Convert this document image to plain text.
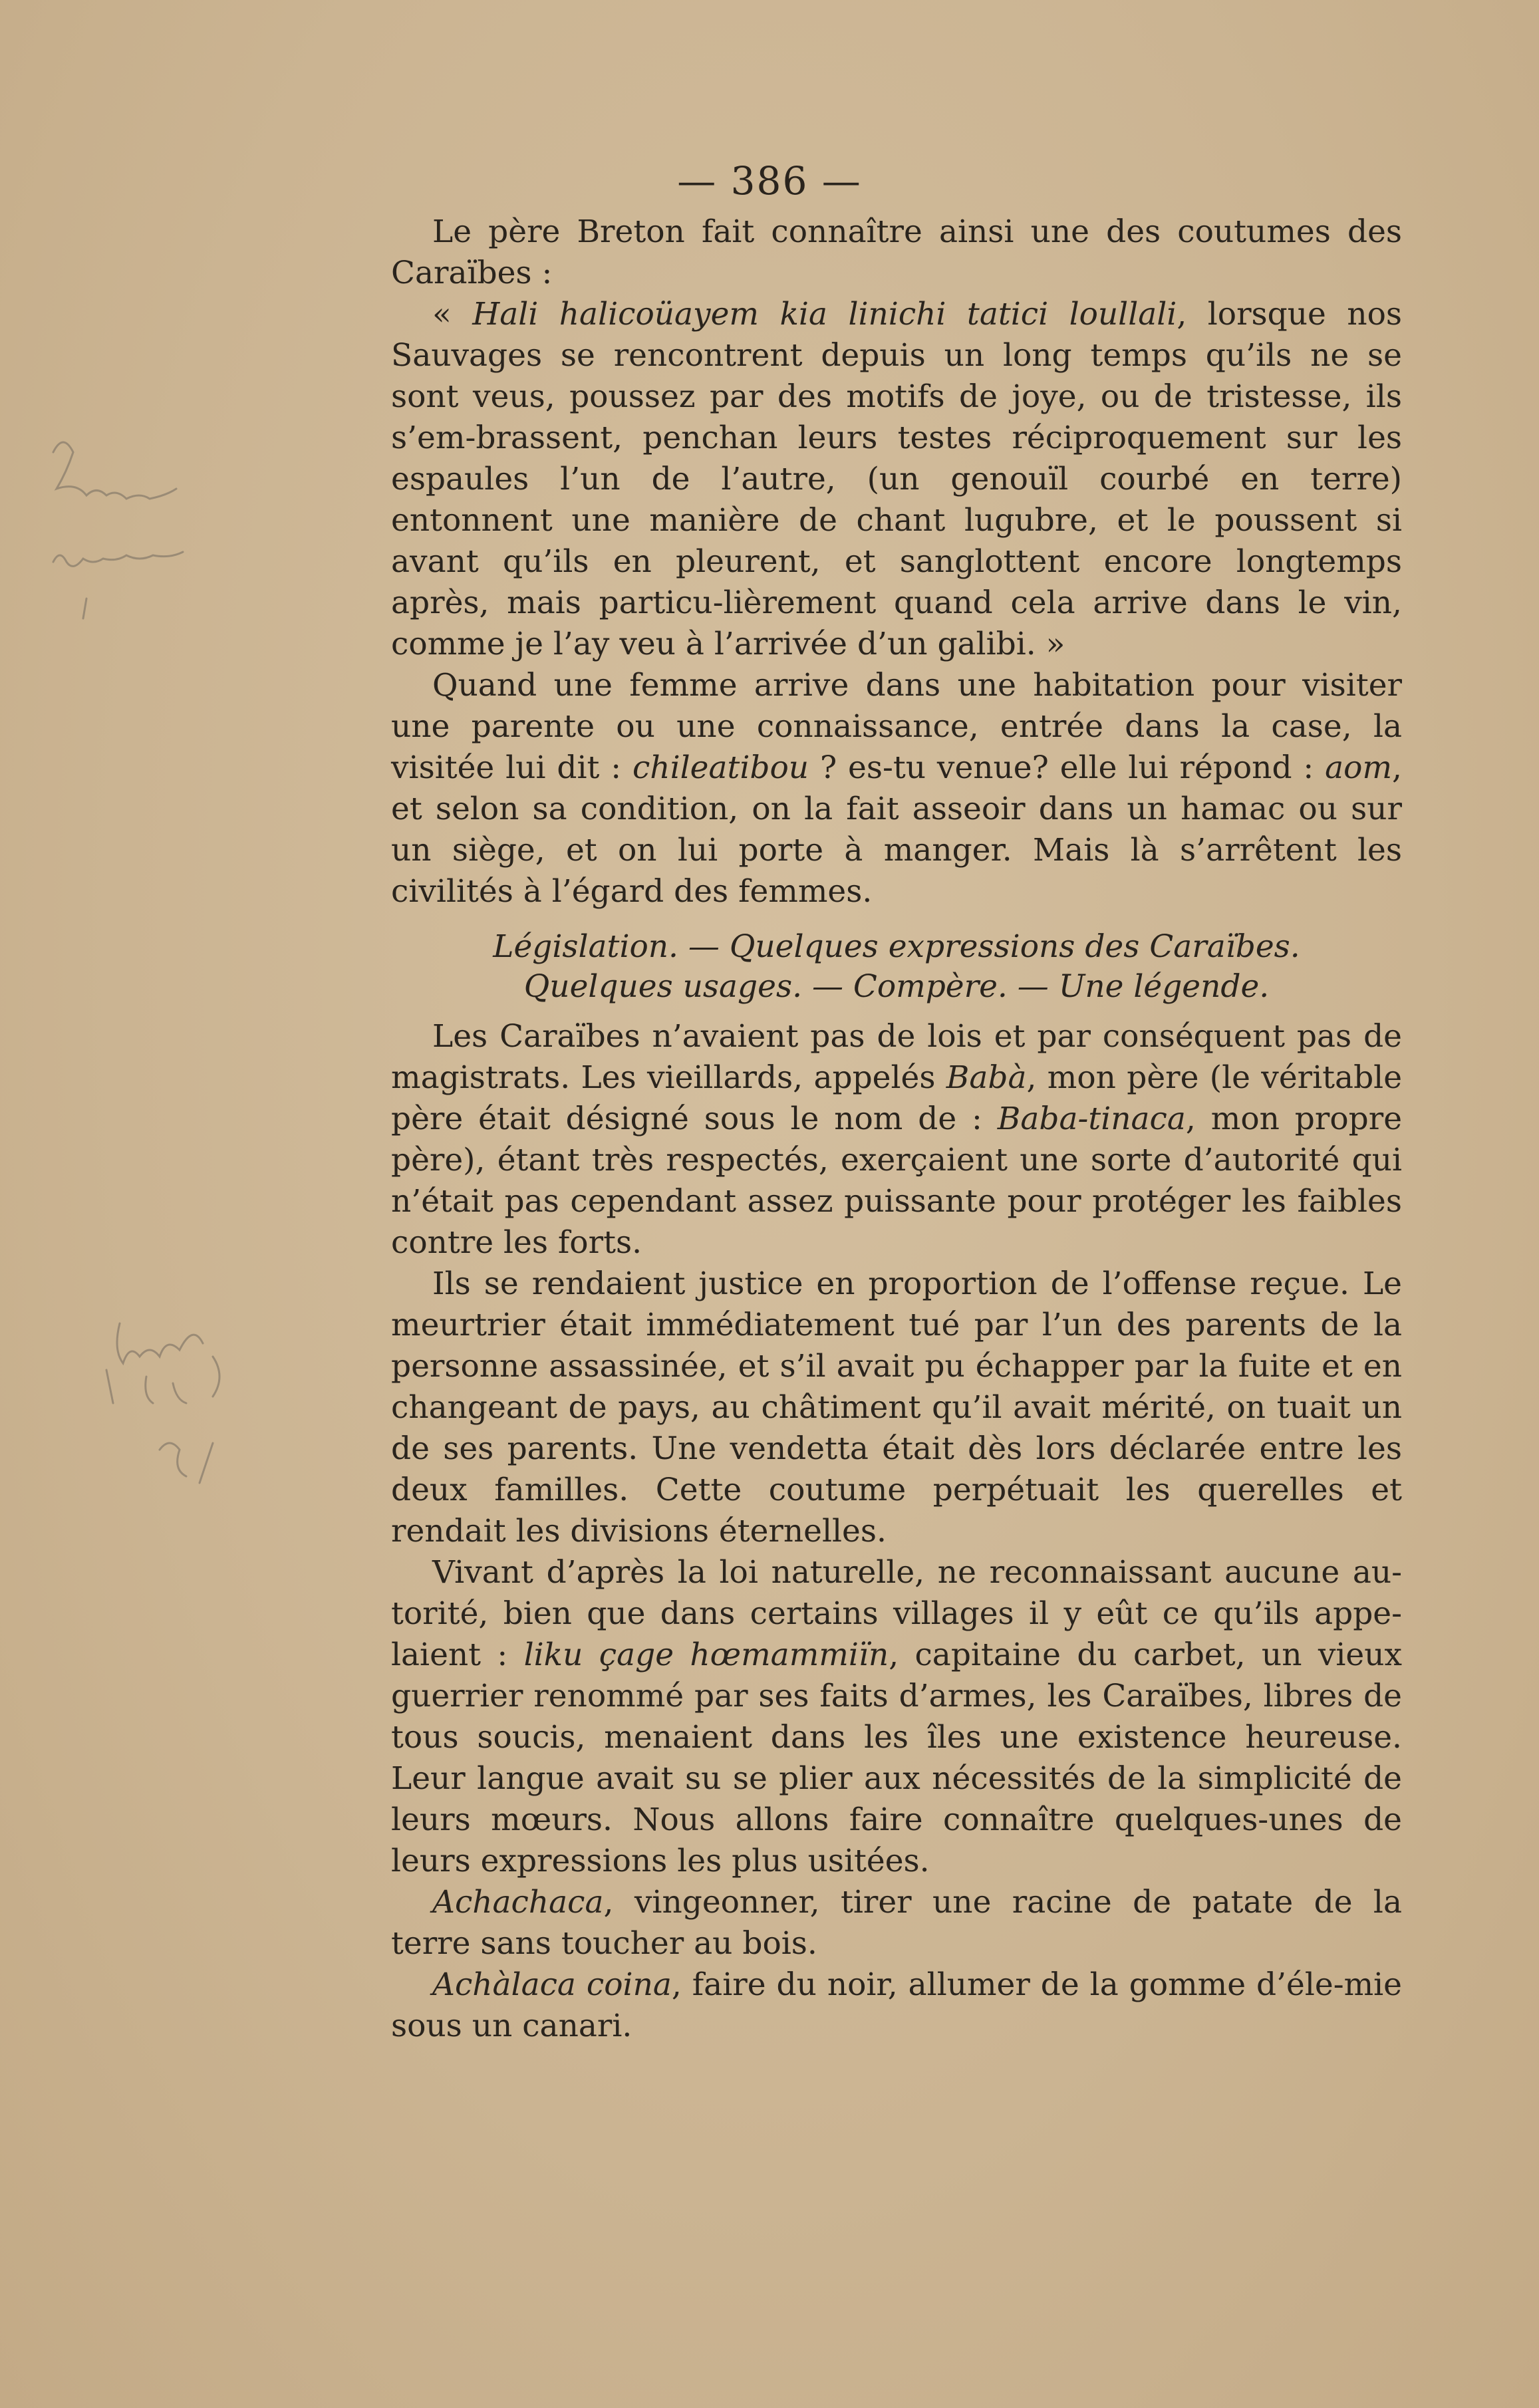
— 386 —

Le père Breton fait connaître ainsi une des coutumes des Caraïbes :

« Hali halicoüayem kia linichi tatici loullali, lorsque nos Sauvages se rencontrent depuis un long temps qu’ils ne se sont veus, poussez par des motifs de joye, ou de tristesse, ils s’em-brassent, penchan leurs testes réciproquement sur les espaules l’un de l’autre, (un genouïl courbé en terre) entonnent une manière de chant lugubre, et le poussent si avant qu’ils en pleurent, et sanglottent encore longtemps après, mais particu-lièrement quand cela arrive dans le vin, comme je l’ay veu à l’arrivée d’un galibi. »

Quand une femme arrive dans une habitation pour visiter une parente ou une connaissance, entrée dans la case, la visitée lui dit : chileatibou ? es-tu venue? elle lui répond : aom, et selon sa condition, on la fait asseoir dans un hamac ou sur un siège, et on lui porte à manger. Mais là s’arrêtent les civilités à l’égard des femmes.

Législation. — Quelques expressions des Caraïbes.
Quelques usages. — Compère. — Une légende.

Les Caraïbes n’avaient pas de lois et par conséquent pas de magistrats. Les vieillards, appelés Babà, mon père (le véritable père était désigné sous le nom de : Baba-tinaca, mon propre père), étant très respectés, exerçaient une sorte d’autorité qui n’était pas cependant assez puissante pour protéger les faibles contre les forts.

Ils se rendaient justice en proportion de l’offense reçue. Le meurtrier était immédiatement tué par l’un des parents de la personne assassinée, et s’il avait pu échapper par la fuite et en changeant de pays, au châtiment qu’il avait mérité, on tuait un de ses parents. Une vendetta était dès lors déclarée entre les deux familles. Cette coutume perpétuait les querelles et rendait les divisions éternelles.

Vivant d’après la loi naturelle, ne reconnaissant aucune au-torité, bien que dans certains villages il y eût ce qu’ils appe-laient : liku çage hœmammiïn, capitaine du carbet, un vieux guerrier renommé par ses faits d’armes, les Caraïbes, libres de tous soucis, menaient dans les îles une existence heureuse. Leur langue avait su se plier aux nécessités de la simplicité de leurs mœurs. Nous allons faire connaître quelques-unes de leurs expressions les plus usitées.

Achachaca, vingeonner, tirer une racine de patate de la terre sans toucher au bois.

Achàlaca coina, faire du noir, allumer de la gomme d’éle-mie sous un canari.
